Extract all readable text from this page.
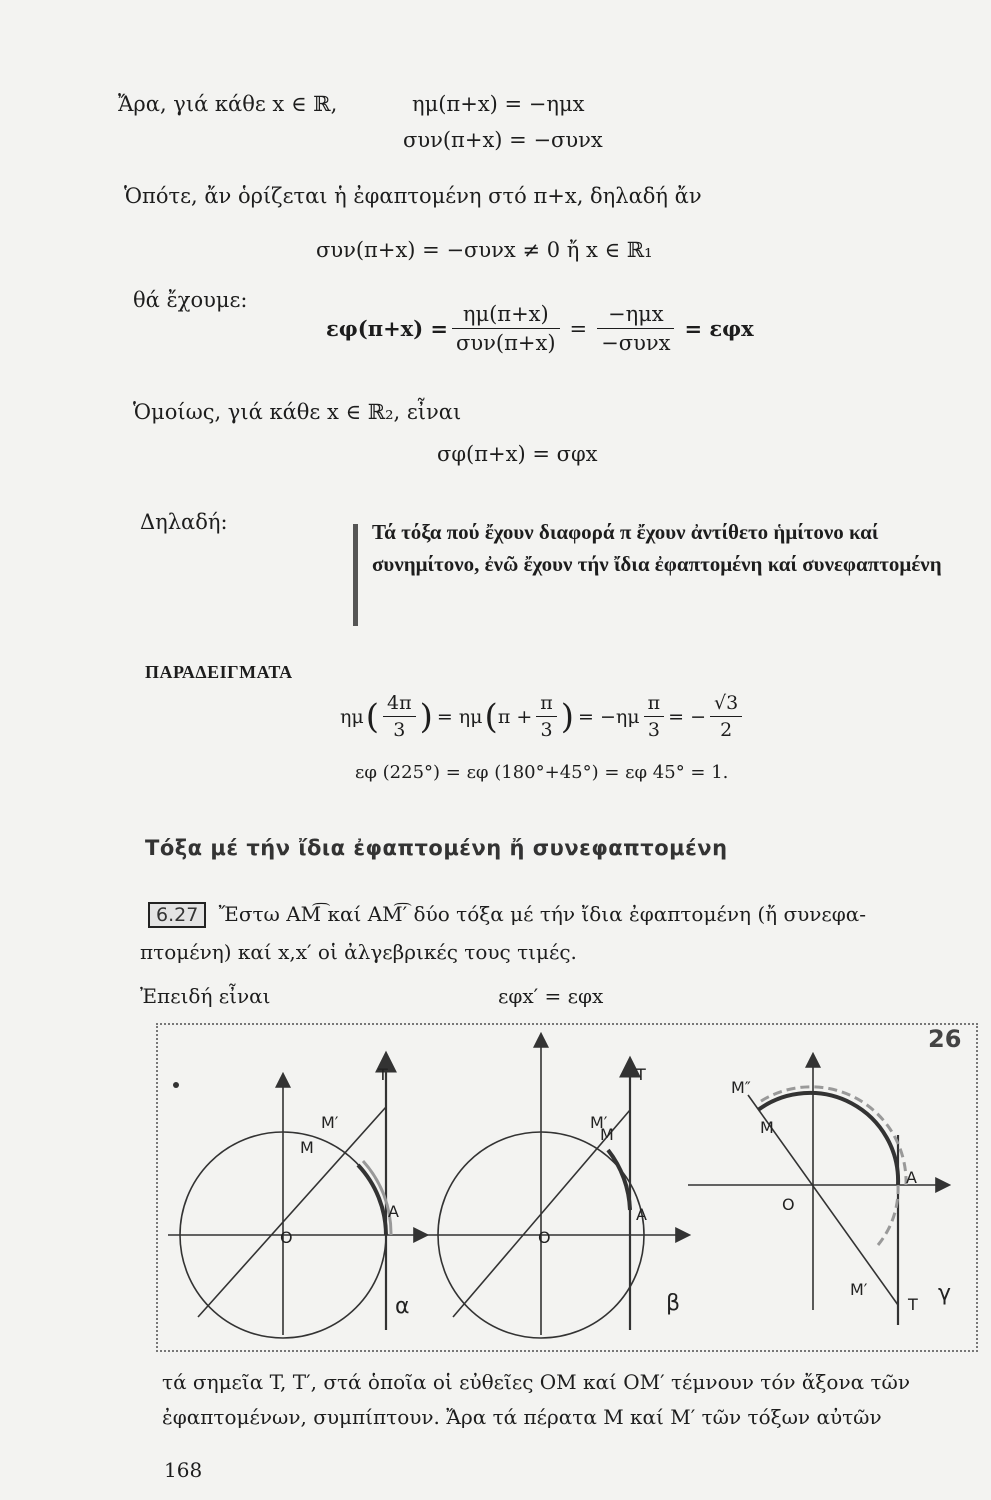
Ἄρα, γιά κάθε x ∈ ℝ,	ημ(π+x) = −ημx
συν(π+x) = −συνx
Ὁπότε, ἄν ὁρίζεται ἡ ἐφαπτομένη στό π+x, δηλαδή ἄν
συν(π+x) = −συνx ≠ 0 ἤ x ∈ ℝ₁
θά ἔχουμε:
$\varepsilon\varphi(\pi+x) = \frac{\eta\mu(\pi+x)}{\text{συν(π+x)}} = \frac{\text{−ημx}}{\text{−συνx}} = \varepsilon\varphi x$
Ὁμοίως, γιά κάθε x ∈ ℝ₂, εἶναι
σφ(π+x) = σφx
Δηλαδή:	Τά τόξα πού ἔχουν διαφορά π ἔχουν ἀντίθετο ἡμίτονο καί συνημίτονο, ἐνῶ ἔχουν τήν ἴδια ἐφαπτομένη καί συνεφαπτομένη
ΠΑΡΑΔΕΙΓΜΑΤΑ
ημ ( $\frac{4\pi}{3}$ ) = ημ ( $\pi + \frac{\pi}{3}$ ) = $-\eta\mu \frac{\pi}{3}$ = − $\frac{√3}{2}$
εφ (225°) = εφ (180°+45°) = εφ 45° = 1.
Τόξα μέ τήν ἴδια ἐφαπτομένη ἤ συνεφαπτομένη
6.27 Ἔστω AM͡ καί AM͡′ δύο τόξα μέ τήν ἴδια ἐφαπτομένη (ἤ συνεφα-
πτομένη) καί x,x′ οἱ ἀλγεβρικές τους τιμές.
Ἐπειδή εἶναι	εφx′ = εφx
T
M′
M
O
A
α
T
M′
M
O
A
β
26
M″
M
O
A
M′
T γ
τά σημεῖα T, T′, στά ὁποῖα οἱ εὐθεῖες OM καί OM′ τέμνουν τόν ἄξονα τῶν
ἐφαπτομένων, συμπίπτουν. Ἄρα τά πέρατα M καί M′ τῶν τόξων αὐτῶν
168
